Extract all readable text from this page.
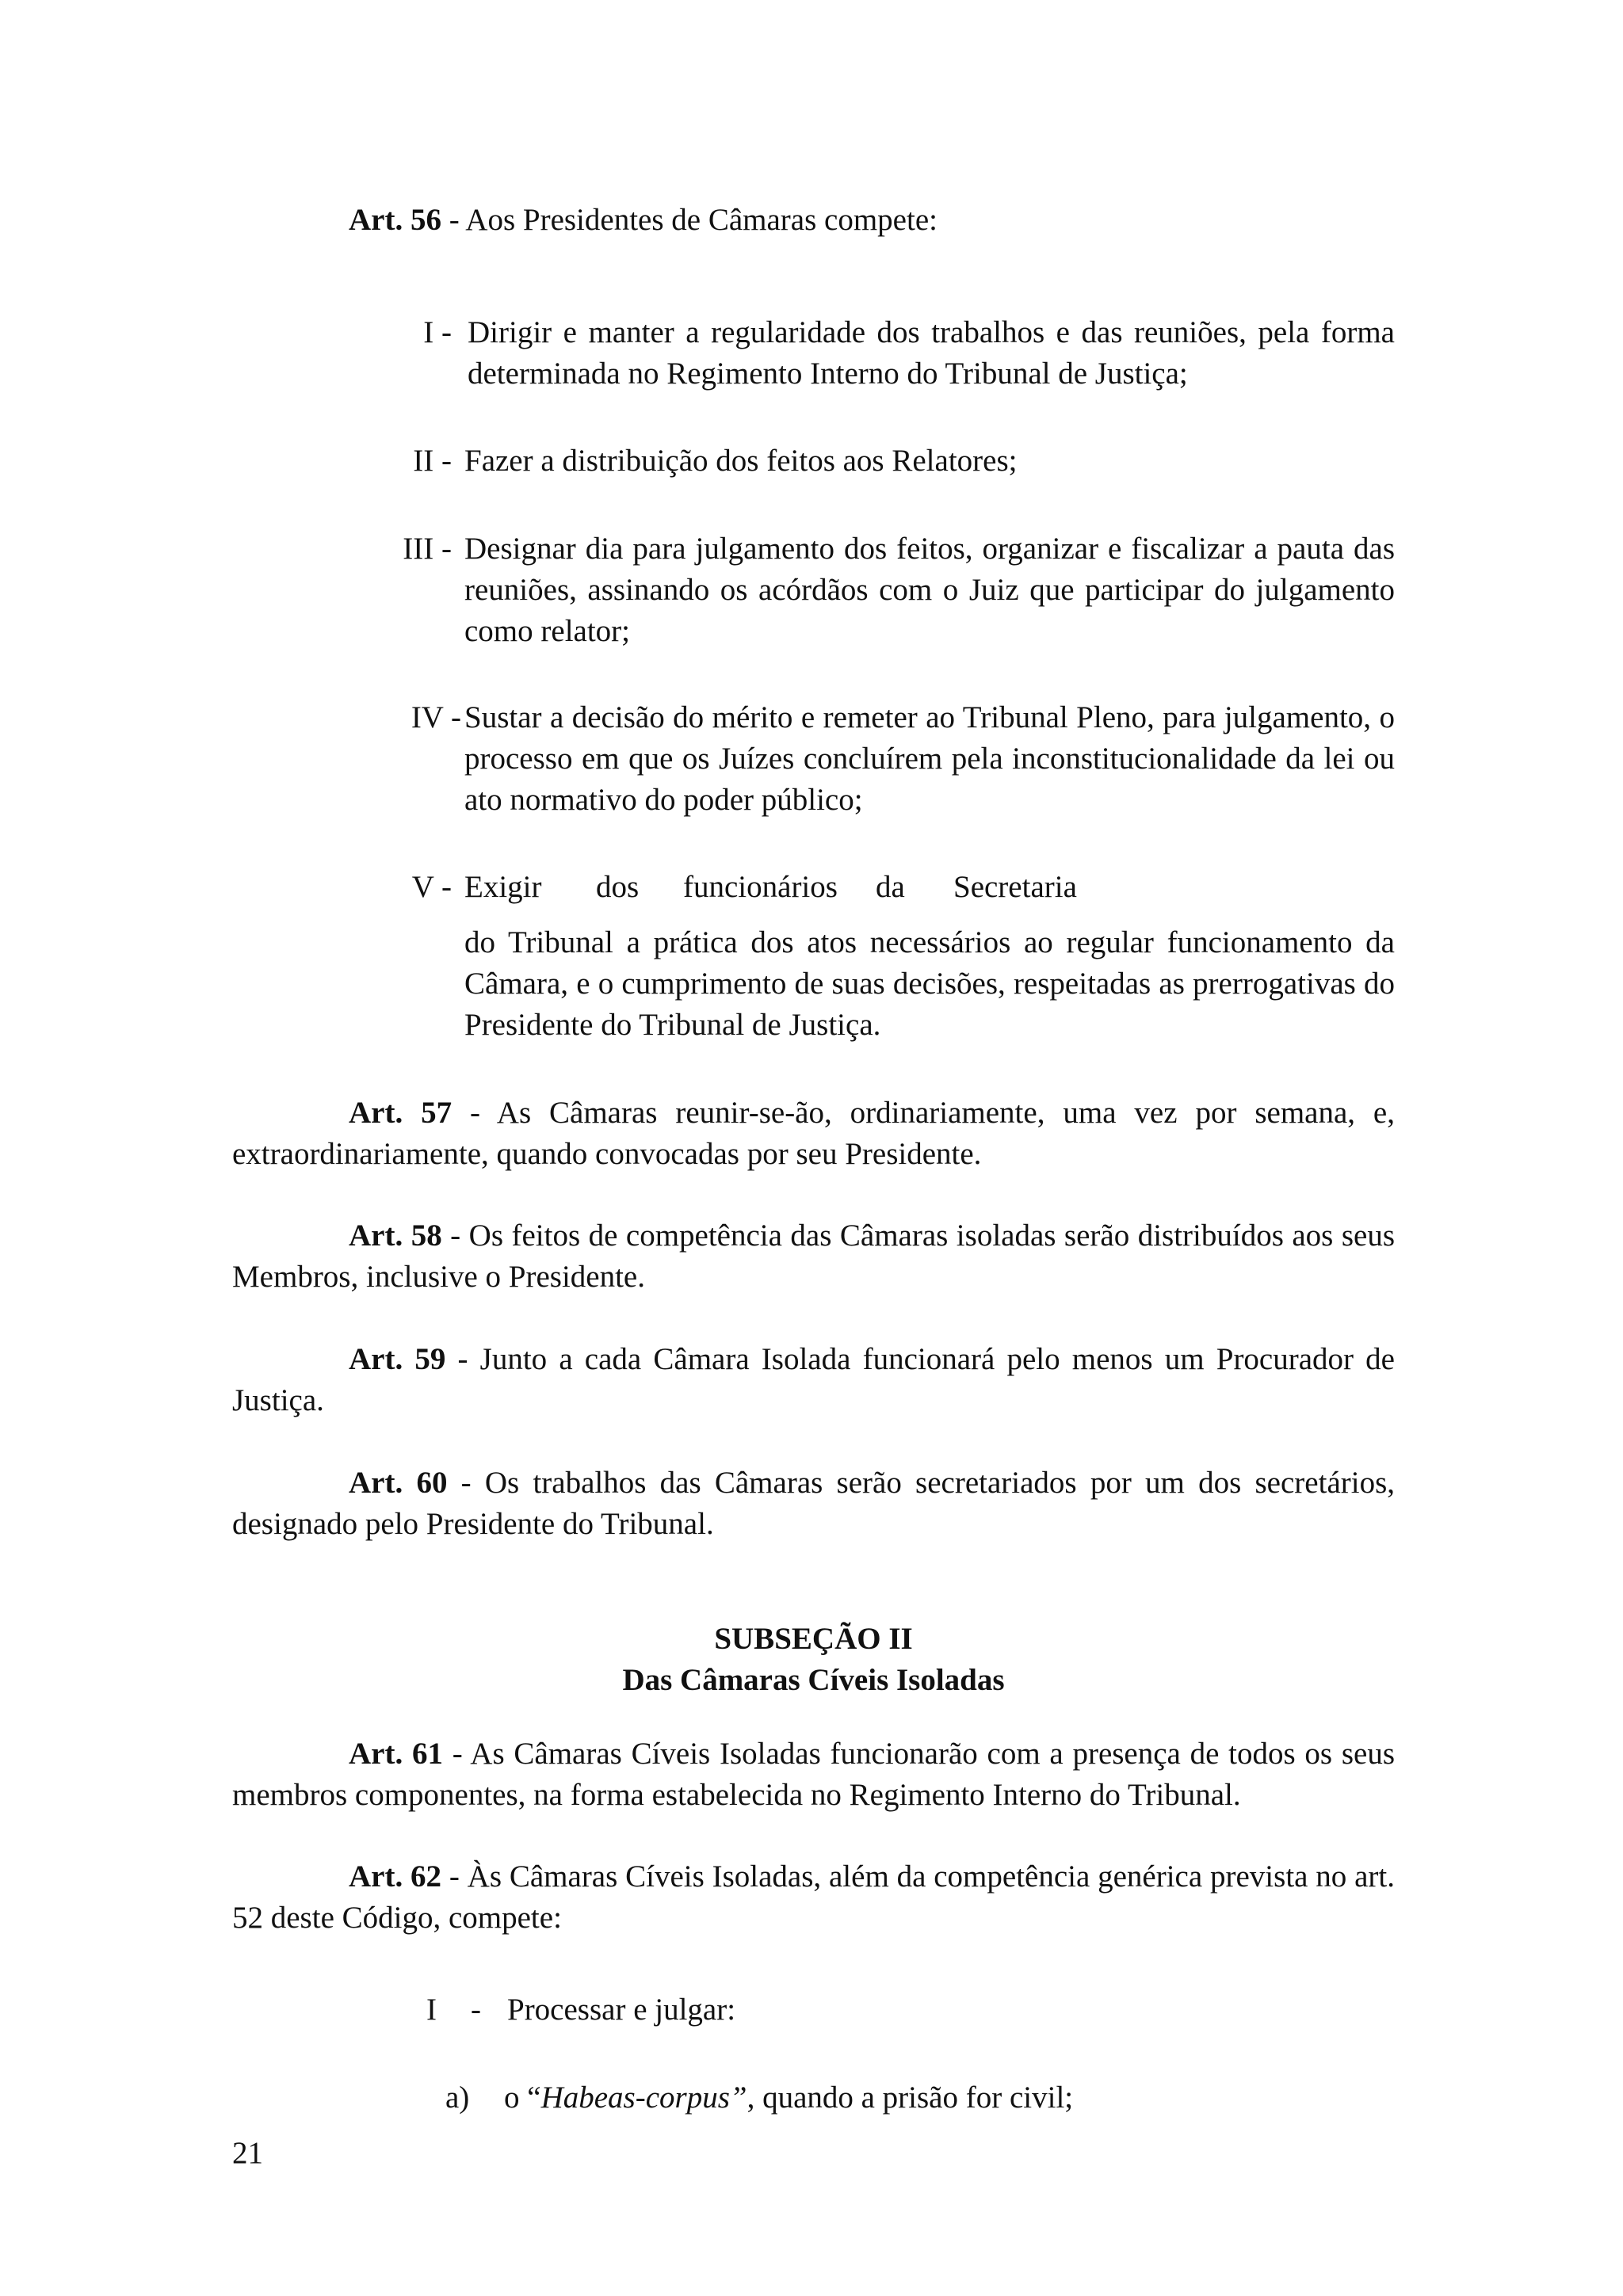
Art. 56 - Aos Presidentes de Câmaras compete:

I - Dirigir e manter a regularidade dos trabalhos e das reuniões, pela forma determinada no Regimento Interno do Tribunal de Justiça;
II - Fazer a distribuição dos feitos aos Relatores;
III - Designar dia para julgamento dos feitos, organizar e fiscalizar a pauta das reuniões, assinando os acórdãos com o Juiz que participar do julgamento como relator;
IV - Sustar a decisão do mérito e remeter ao Tribunal Pleno, para julgamento, o processo em que os Juízes concluírem pela inconstitucionalidade da lei ou ato normativo do poder público;
V - Exigir dos funcionários da Secretaria
do Tribunal a prática dos atos necessários ao regular funcionamento da Câmara, e o cumprimento de suas decisões, respeitadas as prerrogativas do Presidente do Tribunal de Justiça.

Art. 57 - As Câmaras reunir-se-ão, ordinariamente, uma vez por semana, e, extraordinariamente, quando convocadas por seu Presidente.

Art. 58 - Os feitos de competência das Câmaras isoladas serão distribuídos aos seus Membros, inclusive o Presidente.

Art. 59 - Junto a cada Câmara Isolada funcionará pelo menos um Procurador de Justiça.

Art. 60 - Os trabalhos das Câmaras serão secretariados por um dos secretários, designado pelo Presidente do Tribunal.

SUBSEÇÃO II
Das Câmaras Cíveis Isoladas

Art. 61 - As Câmaras Cíveis Isoladas funcionarão com a presença de todos os seus membros componentes, na forma estabelecida no Regimento Interno do Tribunal.

Art. 62 - Às Câmaras Cíveis Isoladas, além da competência genérica prevista no art. 52 deste Código, compete:

I - Processar e julgar:
a) o “Habeas-corpus”, quando a prisão for civil;
21
